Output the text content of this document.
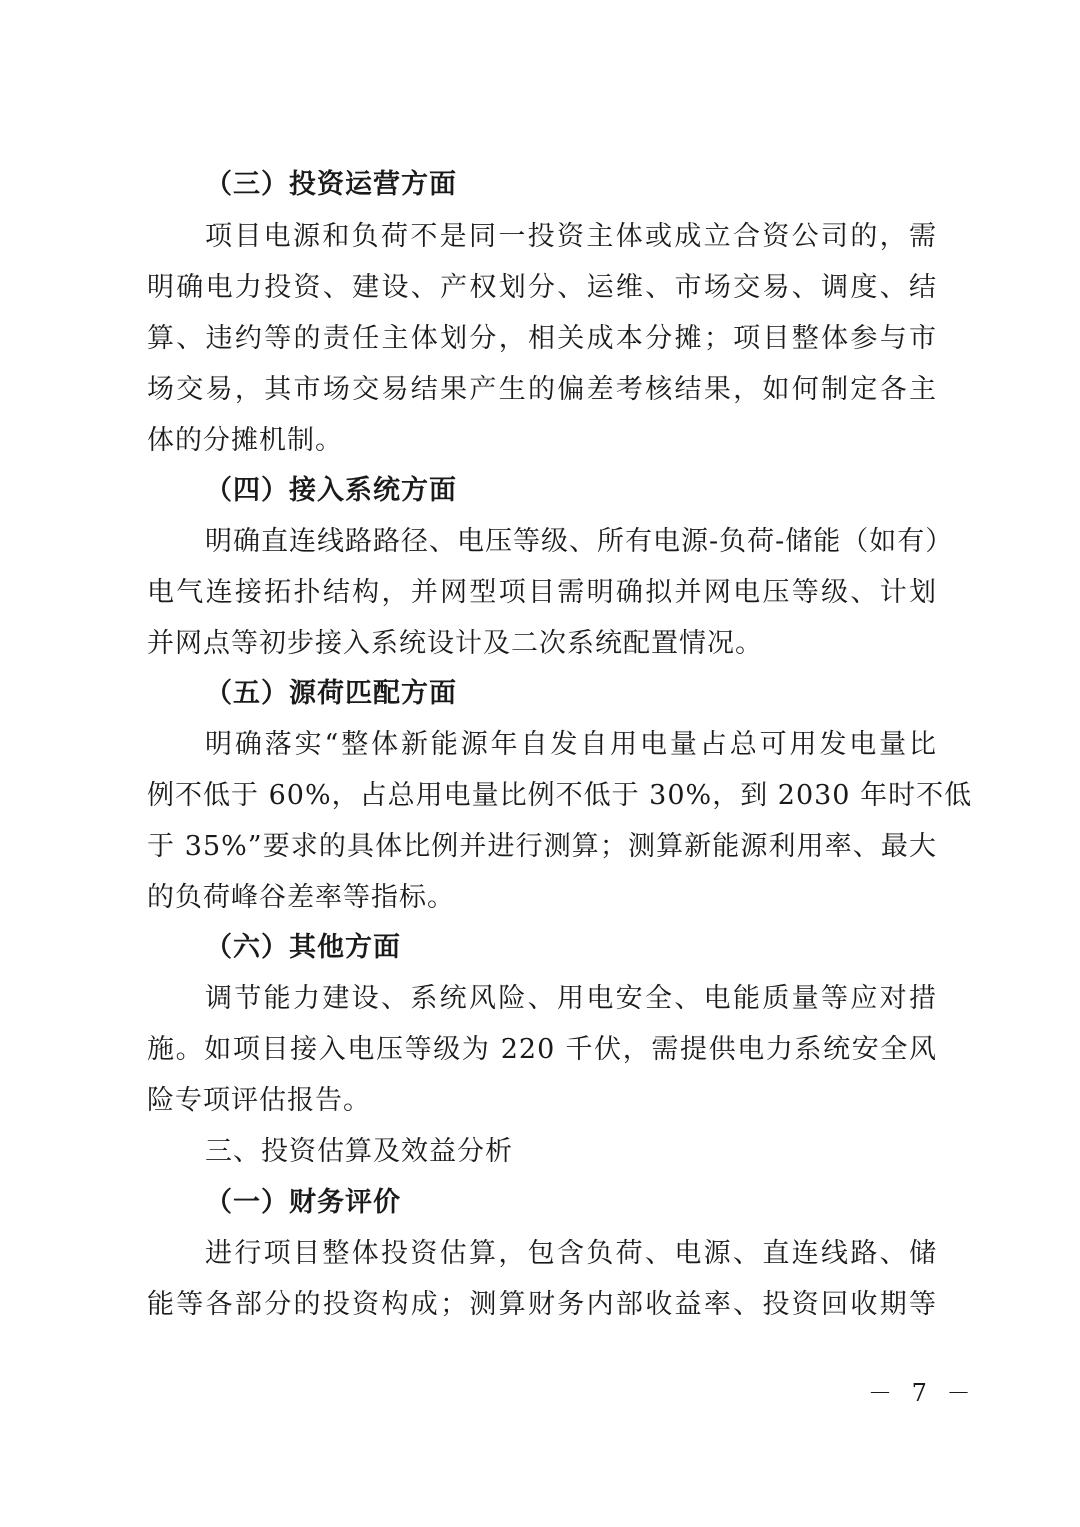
（三）投资运营方面
项目电源和负荷不是同一投资主体或成立合资公司的，需
明确电力投资、建设、产权划分、运维、市场交易、调度、结
算、违约等的责任主体划分，相关成本分摊；项目整体参与市
场交易，其市场交易结果产生的偏差考核结果，如何制定各主
体的分摊机制。
（四）接入系统方面
明确直连线路路径、电压等级、所有电源-负荷-储能（如有）
电气连接拓扑结构，并网型项目需明确拟并网电压等级、计划
并网点等初步接入系统设计及二次系统配置情况。
（五）源荷匹配方面
明确落实“整体新能源年自发自用电量占总可用发电量比
例不低于 60%，占总用电量比例不低于 30%，到 2030 年时不低
于 35%”要求的具体比例并进行测算；测算新能源利用率、最大
的负荷峰谷差率等指标。
（六）其他方面
调节能力建设、系统风险、用电安全、电能质量等应对措
施。如项目接入电压等级为 220 千伏，需提供电力系统安全风
险专项评估报告。
三、投资估算及效益分析
（一）财务评价
进行项目整体投资估算，包含负荷、电源、直连线路、储
能等各部分的投资构成；测算财务内部收益率、投资回收期等
－ 7 －
